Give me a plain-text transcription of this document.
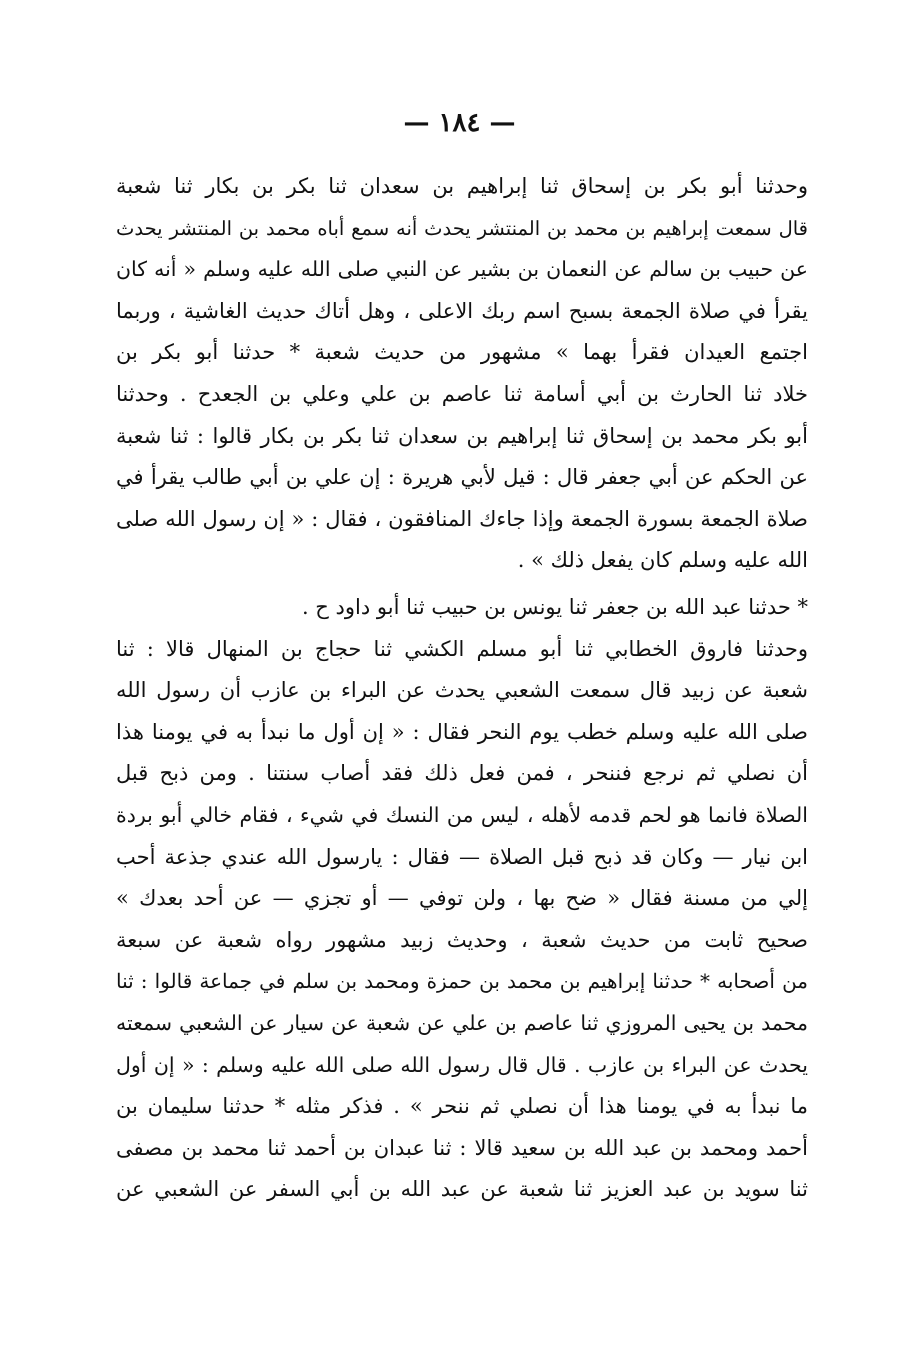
— ١٨٤ —
وحدثنا أبو بكر بن إسحاق ثنا إبراهيم بن سعدان ثنا بكر بن بكار ثنا شعبة
قال سمعت إبراهيم بن محمد بن المنتشر يحدث أنه سمع أباه محمد بن المنتشر يحدث
عن حبيب بن سالم عن النعمان بن بشير عن النبي صلى الله عليه وسلم « أنه كان
يقرأ في صلاة الجمعة بسبح اسم ربك الاعلى ، وهل أتاك حديث الغاشية ، وربما
اجتمع العيدان فقرأ بهما » مشهور من حديث شعبة * حدثنا أبو بكر بن
خلاد ثنا الحارث بن أبي أسامة ثنا عاصم بن علي وعلي بن الجعدح . وحدثنا
أبو بكر محمد بن إسحاق ثنا إبراهيم بن سعدان ثنا بكر بن بكار قالوا : ثنا شعبة
عن الحكم عن أبي جعفر قال : قيل لأبي هريرة : إن علي بن أبي طالب يقرأ في
صلاة الجمعة بسورة الجمعة وإذا جاءك المنافقون ، فقال : « إن رسول الله صلى
الله عليه وسلم كان يفعل ذلك » .
* حدثنا عبد الله بن جعفر ثنا يونس بن حبيب ثنا أبو داود ح .
وحدثنا فاروق الخطابي ثنا أبو مسلم الكشي ثنا حجاج بن المنهال قالا : ثنا
شعبة عن زبيد قال سمعت الشعبي يحدث عن البراء بن عازب أن رسول الله
صلى الله عليه وسلم خطب يوم النحر فقال : « إن أول ما نبدأ به في يومنا هذا
أن نصلي ثم نرجع فننحر ، فمن فعل ذلك فقد أصاب سنتنا . ومن ذبح قبل
الصلاة فانما هو لحم قدمه لأهله ، ليس من النسك في شيء ، فقام خالي أبو بردة
ابن نيار — وكان قد ذبح قبل الصلاة — فقال : يارسول الله عندي جذعة أحب
إلي من مسنة فقال « ضح بها ، ولن توفي — أو تجزي — عن أحد بعدك »
صحيح ثابت من حديث شعبة ، وحديث زبيد مشهور رواه شعبة عن سبعة
من أصحابه * حدثنا إبراهيم بن محمد بن حمزة ومحمد بن سلم في جماعة قالوا : ثنا
محمد بن يحيى المروزي ثنا عاصم بن علي عن شعبة عن سيار عن الشعبي سمعته
يحدث عن البراء بن عازب . قال قال رسول الله صلى الله عليه وسلم : « إن أول
ما نبدأ به في يومنا هذا أن نصلي ثم ننحر » . فذكر مثله * حدثنا سليمان بن
أحمد ومحمد بن عبد الله بن سعيد قالا : ثنا عبدان بن أحمد ثنا محمد بن مصفى
ثنا سويد بن عبد العزيز ثنا شعبة عن عبد الله بن أبي السفر عن الشعبي عن
